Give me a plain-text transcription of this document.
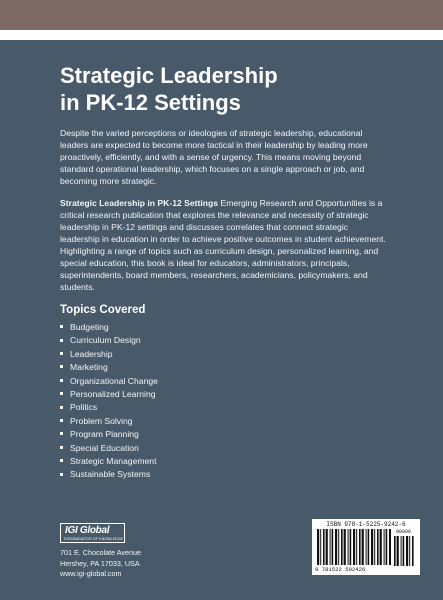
Strategic Leadership
in PK-12 Settings

Despite the varied perceptions or ideologies of strategic leadership, educational leaders are expected to become more tactical in their leadership by leading more proactively, efficiently, and with a sense of urgency. This means moving beyond standard operational leadership, which focuses on a single approach or job, and becoming more strategic.

Strategic Leadership in PK-12 Settings Emerging Research and Opportunities is a critical research publication that explores the relevance and necessity of strategic leadership in PK-12 settings and discusses correlates that connect strategic leadership in education in order to achieve positive outcomes in student achievement. Highlighting a range of topics such as curriculum design, personalized learning, and special education, this book is ideal for educators, administrators, principals, superintendents, board members, researchers, academicians, policymakers, and students.

Topics Covered
Budgeting
Curriculum Design
Leadership
Marketing
Organizational Change
Personalized Learning
Politics
Problem Solving
Program Planning
Special Education
Strategic Management
Sustainable Systems
IGI Global
DISSEMINATOR OF KNOWLEDGE
701 E. Chocolate Avenue
Hershey, PA 17033, USA
www.igi-global.com
ISBN 978-1-5225-9242-6
90000
9 781522 592426
